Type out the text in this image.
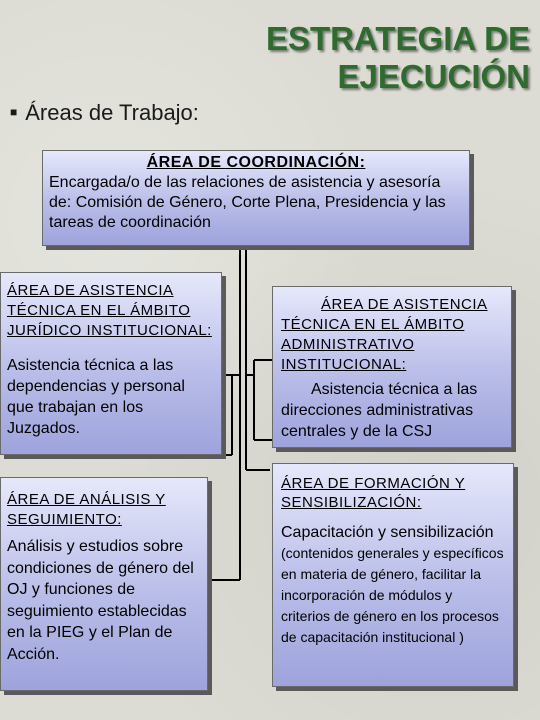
ESTRATEGIA DE
EJECUCIÓN
■ Áreas de Trabajo:
ÁREA DE COORDINACIÓN:
Encargada/o de las relaciones de asistencia y asesoría de: Comisión de Género, Corte Plena, Presidencia y las tareas de coordinación
ÁREA DE ASISTENCIA TÉCNICA EN EL ÁMBITO JURÍDICO INSTITUCIONAL:
Asistencia técnica a las dependencias y personal que trabajan en los Juzgados.
ÁREA DE ASISTENCIA TÉCNICA EN EL ÁMBITO ADMINISTRATIVO INSTITUCIONAL:
Asistencia técnica a las direcciones administrativas centrales y de la CSJ
ÁREA DE ANÁLISIS Y SEGUIMIENTO:
Análisis y estudios sobre condiciones de género del OJ y funciones de seguimiento establecidas en la PIEG y el Plan de Acción.
ÁREA DE FORMACIÓN Y SENSIBILIZACIÓN:
Capacitación y sensibilización (contenidos generales y específicos en materia de género, facilitar la incorporación de módulos y criterios de género en los procesos de capacitación institucional )
